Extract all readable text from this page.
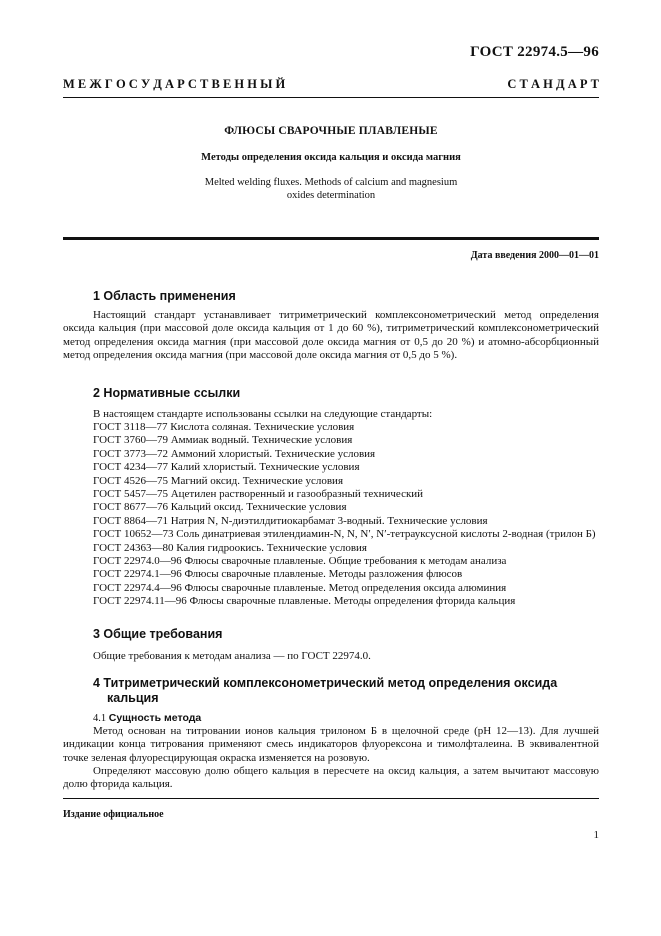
ГОСТ 22974.5—96
М Е Ж Г О С У Д А Р С Т В Е Н Н Ы Й	С Т А Н Д А Р Т
ФЛЮСЫ СВАРОЧНЫЕ ПЛАВЛЕНЫЕ
Методы определения оксида кальция и оксида магния
Melted welding fluxes. Methods of calcium and magnesium
oxides determination
Дата введения 2000—01—01
1 Область применения
Настоящий стандарт устанавливает титриметрический комплексонометрический метод определения оксида кальция (при массовой доле оксида кальция от 1 до 60 %), титриметрический комплексонометрический метод определения оксида магния (при массовой доле оксида магния от 0,5 до 20 %) и атомно-абсорбционный метод определения оксида магния (при массовой доле оксида магния от 0,5 до 5 %).
2 Нормативные ссылки
В настоящем стандарте использованы ссылки на следующие стандарты:
ГОСТ 3118—77 Кислота соляная. Технические условия
ГОСТ 3760—79 Аммиак водный. Технические условия
ГОСТ 3773—72 Аммоний хлористый. Технические условия
ГОСТ 4234—77 Калий хлористый. Технические условия
ГОСТ 4526—75 Магний оксид. Технические условия
ГОСТ 5457—75 Ацетилен растворенный и газообразный технический
ГОСТ 8677—76 Кальций оксид. Технические условия
ГОСТ 8864—71 Натрия N, N-диэтилдитиокарбамат 3-водный. Технические условия
ГОСТ 10652—73 Соль динатриевая этилендиамин-N, N, N′, N′-тетрауксусной кислоты 2-водная (трилон Б)
ГОСТ 24363—80 Калия гидроокись. Технические условия
ГОСТ 22974.0—96 Флюсы сварочные плавленые. Общие требования к методам анализа
ГОСТ 22974.1—96 Флюсы сварочные плавленые. Методы разложения флюсов
ГОСТ 22974.4—96 Флюсы сварочные плавленые. Метод определения оксида алюминия
ГОСТ 22974.11—96 Флюсы сварочные плавленые. Методы определения фторида кальция
3 Общие требования
Общие требования к методам анализа — по ГОСТ 22974.0.
4 Титриметрический комплексонометрический метод определения оксида
кальция
4.1 Сущность метода
Метод основан на титровании ионов кальция трилоном Б в щелочной среде (рН 12—13). Для лучшей индикации конца титрования применяют смесь индикаторов флуорексона и тимолфталеина. В эквивалентной точке зеленая флуоресцирующая окраска изменяется на розовую.
Определяют массовую долю общего кальция в пересчете на оксид кальция, а затем вычитают массовую долю фторида кальция.
Издание официальное
1
